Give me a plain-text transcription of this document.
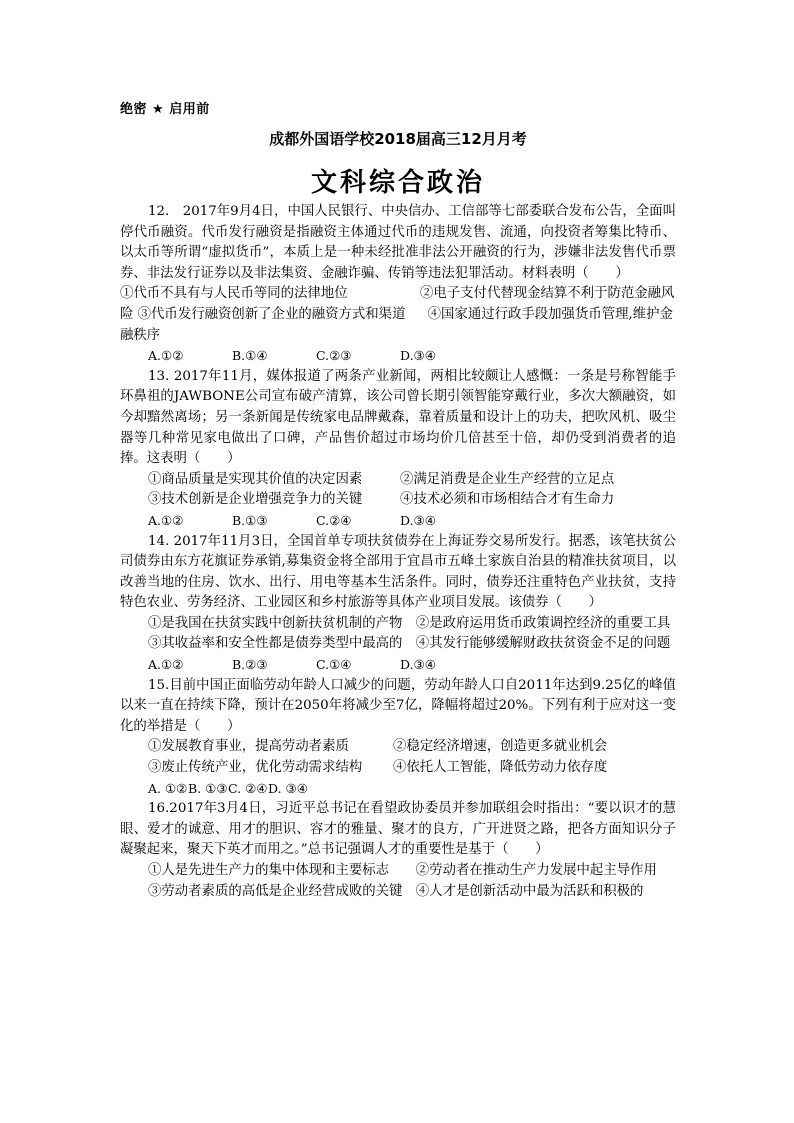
绝密 ★ 启用前
成都外国语学校2018届高三12月月考
文科综合政治
12.　2017年9月4日，中国人民银行、中央信办、工信部等七部委联合发布公告，全面叫停代币融资。代币发行融资是指融资主体通过代币的违规发售、流通，向投资者筹集比特币、以太币等所谓“虚拟货币”，本质上是一种未经批准非法公开融资的行为，涉嫌非法发售代币票券、非法发行证券以及非法集资、金融诈骗、传销等违法犯罪活动。材料表明（　　）
①代币不具有与人民币等同的法律地位	②电子支付代替现金结算不利于防范金融风险 ③代币发行融资创新了企业的融资方式和渠道 ④国家通过行政手段加强货币管理,维护金融秩序
A.①②	B.①④	C.②③	D.③④
13. 2017年11月，媒体报道了两条产业新闻，两相比较颇让人感慨：一条是号称智能手环鼻祖的JAWBONE公司宣布破产清算，该公司曾长期引领智能穿戴行业，多次大额融资，如今却黯然离场；另一条新闻是传统家电品牌戴森，靠着质量和设计上的功夫，把吹风机、吸尘器等几种常见家电做出了口碑，产品售价超过市场均价几倍甚至十倍，却仍受到消费者的追捧。这表明（　　）
①商品质量是实现其价值的决定因素	②满足消费是企业生产经营的立足点
③技术创新是企业增强竞争力的关键	④技术必须和市场相结合才有生命力
A.①②	B.①③	C.②④	D.③④
14. 2017年11月3日，全国首单专项扶贫债券在上海证券交易所发行。据悉，该笔扶贫公司债券由东方花旗证券承销,募集资金将全部用于宜昌市五峰土家族自治县的精准扶贫项目，以改善当地的住房、饮水、出行、用电等基本生活条件。同时，债券还注重特色产业扶贫，支持特色农业、劳务经济、工业园区和乡村旅游等具体产业项目发展。该债券（　　）
①是我国在扶贫实践中创新扶贫机制的产物　②是政府运用货币政策调控经济的重要工具
③其收益率和安全性都是债券类型中最高的　④其发行能够缓解财政扶贫资金不足的问题
A.①②	B.②③	C.①④	D.③④
15.目前中国正面临劳动年龄人口减少的问题，劳动年龄人口自2011年达到9.25亿的峰值以来一直在持续下降，预计在2050年将减少至7亿，降幅将超过20%。下列有利于应对这一变化的举措是（　　）
①发展教育事业，提高劳动者素质	②稳定经济增速，创造更多就业机会
③废止传统产业，优化劳动需求结构	④依托人工智能，降低劳动力依存度
A. ①② B. ①③ C. ②④ D. ③④
16.2017年3月4日，习近平总书记在看望政协委员并参加联组会时指出：“要以识才的慧眼、爱才的诚意、用才的胆识、容才的雅量、聚才的良方，广开进贤之路，把各方面知识分子凝聚起来，聚天下英才而用之。”总书记强调人才的重要性是基于（　　）
①人是先进生产力的集中体现和主要标志　　②劳动者在推动生产力发展中起主导作用
③劳动者素质的高低是企业经营成败的关键　④人才是创新活动中最为活跃和积极的
